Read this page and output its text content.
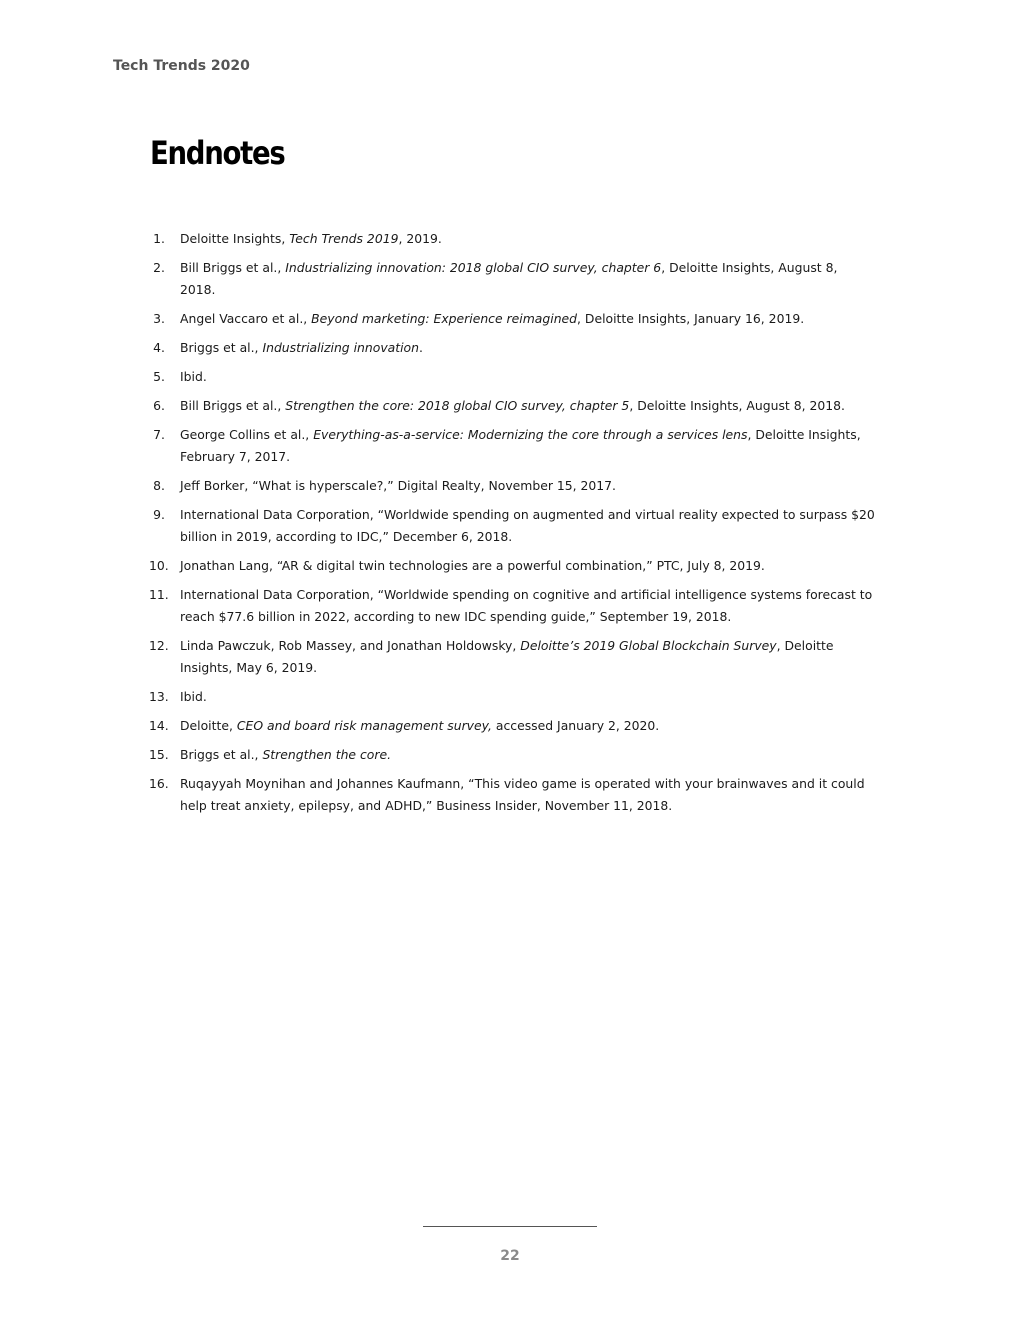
Tech Trends 2020
Endnotes
1. Deloitte Insights, Tech Trends 2019, 2019.
2. Bill Briggs et al., Industrializing innovation: 2018 global CIO survey, chapter 6, Deloitte Insights, August 8, 2018.
3. Angel Vaccaro et al., Beyond marketing: Experience reimagined, Deloitte Insights, January 16, 2019.
4. Briggs et al., Industrializing innovation.
5. Ibid.
6. Bill Briggs et al., Strengthen the core: 2018 global CIO survey, chapter 5, Deloitte Insights, August 8, 2018.
7. George Collins et al., Everything-as-a-service: Modernizing the core through a services lens, Deloitte Insights, February 7, 2017.
8. Jeff Borker, “What is hyperscale?,” Digital Realty, November 15, 2017.
9. International Data Corporation, “Worldwide spending on augmented and virtual reality expected to surpass $20 billion in 2019, according to IDC,” December 6, 2018.
10. Jonathan Lang, “AR & digital twin technologies are a powerful combination,” PTC, July 8, 2019.
11. International Data Corporation, “Worldwide spending on cognitive and artificial intelligence systems forecast to reach $77.6 billion in 2022, according to new IDC spending guide,” September 19, 2018.
12. Linda Pawczuk, Rob Massey, and Jonathan Holdowsky, Deloitte’s 2019 Global Blockchain Survey, Deloitte Insights, May 6, 2019.
13. Ibid.
14. Deloitte, CEO and board risk management survey, accessed January 2, 2020.
15. Briggs et al., Strengthen the core.
16. Ruqayyah Moynihan and Johannes Kaufmann, “This video game is operated with your brainwaves and it could help treat anxiety, epilepsy, and ADHD,” Business Insider, November 11, 2018.
22
